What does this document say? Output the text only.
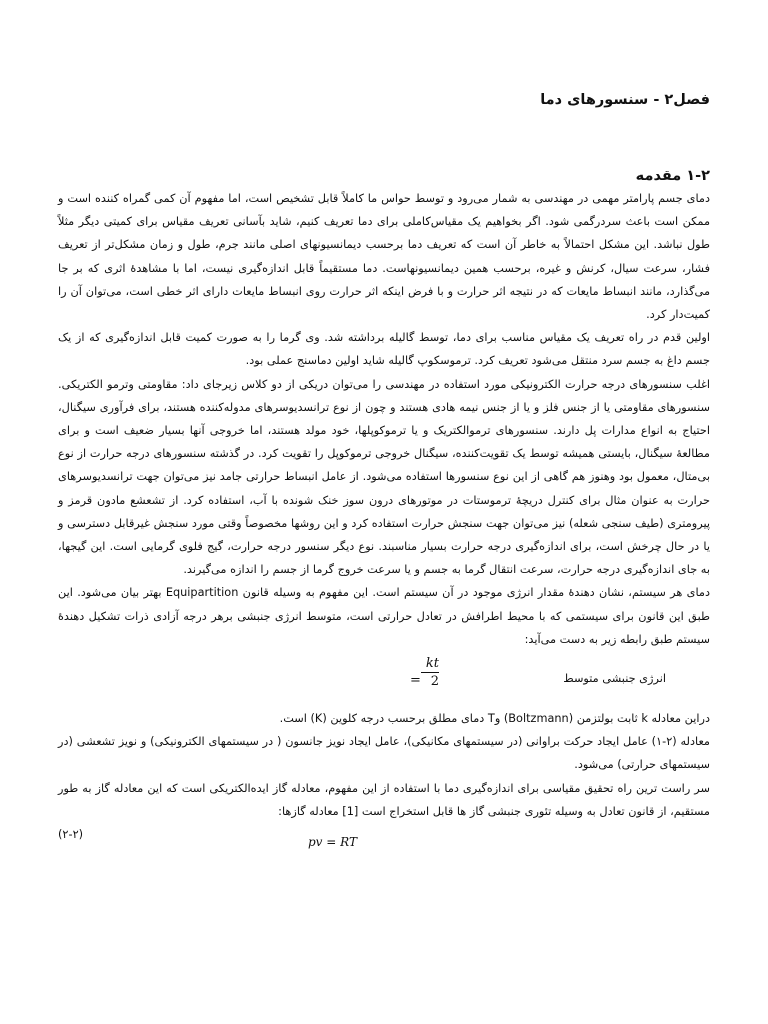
فصل۲ - سنسورهای دما
۱-۲ مقدمه

دمای جسم پارامتر مهمی در مهندسی به شمار می‌رود و توسط حواس ما کاملاً قابل تشخیص است، اما مفهوم آن کمی گمراه کننده است و ممکن است باعث سردرگمی شود. اگر بخواهیم یک مقیاس‌کاملی برای دما تعریف کنیم، شاید بآسانی تعریف مقیاس برای کمیتی دیگر مثلاً طول نباشد. این مشکل احتمالاً به خاطر آن است که تعریف دما برحسب دیمانسیونهای اصلی مانند جرم، طول و زمان مشکل‌تر از تعریف فشار، سرعت سیال، کرنش و غیره، برحسب همین دیمانسیونهاست. دما مستقیماً قابل اندازه‌گیری نیست، اما با مشاهدهٔ اثری که بر جا می‌گذارد، مانند انبساط مایعات که در نتیجه اثر حرارت و با فرض اینکه اثر حرارت روی انبساط مایعات دارای اثر خطی است، می‌توان آن را کمیت‌دار کرد.

اولین قدم در راه تعریف یک مقیاس مناسب برای دما، توسط گالیله برداشته شد. وی گرما را به صورت کمیت قابل اندازه‌گیری که از یک جسم داغ به جسم سرد منتقل می‌شود تعریف کرد. ترموسکوپ گالیله شاید اولین دماسنج عملی بود.

اغلب سنسورهای درجه حرارت الکترونیکی مورد استفاده در مهندسی را می‌توان دریکی از دو کلاس زیرجای داد: مقاومتی وترمو الکتریکی. سنسورهای مقاومتی یا از جنس فلز و یا از جنس نیمه هادی هستند و چون از نوع ترانسدیوسرهای مدوله‌کننده هستند، برای فرآوری سیگنال، احتیاج به انواع مدارات پل دارند. سنسورهای ترموالکتریک و یا ترموکوپلها، خود مولد هستند، اما خروجی آنها بسیار ضعیف است و برای مطالعهٔ سیگنال، بایستی همیشه توسط یک تقویت‌کننده، سیگنال خروجی ترموکوپل را تقویت کرد. در گذشته سنسورهای درجه حرارت از نوع بی‌متال، معمول بود وهنوز هم گاهی از این نوع سنسورها استفاده می‌شود. از عامل انبساط حرارتی جامد نیز می‌توان جهت ترانسدیوسرهای حرارت به عنوان مثال برای کنترل دریچهٔ ترموستات در موتورهای درون سوز خنک شونده با آب، استفاده کرد. از تشعشع مادون قرمز و پیرومتری (طیف سنجی شعله) نیز می‌توان جهت سنجش حرارت استفاده کرد و این روشها مخصوصاً وقتی مورد سنجش غیرقابل دسترسی و یا در حال چرخش است، برای اندازه‌گیری درجه حرارت بسیار مناسبند. نوع دیگر سنسور درجه حرارت، گیج فلوی گرمایی است. این گیجها، به جای اندازه‌گیری درجه حرارت، سرعت انتقال گرما به جسم و یا سرعت خروج گرما از جسم را اندازه می‌گیرند.

دمای هر سیستم، نشان دهندهٔ مقدار انرژی موجود در آن سیستم است. این مفهوم به وسیله قانون Equipartition بهتر بیان می‌شود. این طبق این قانون برای سیستمی که با محیط اطرافش در تعادل حرارتی است، متوسط انرژی جنبشی برهر درجه آزادی ذرات تشکیل دهندهٔ سیستم طبق رابطه زیر به دست می‌آید:

انرژی جنبشی متوسط
=
kt
2

دراین معادله k ثابت بولتزمن (Boltzmann) وT دمای مطلق برحسب درجه کلوین (K) است.

معادله (۲-۱) عامل ایجاد حرکت براوانی (در سیستمهای مکانیکی)، عامل ایجاد نویز جانسون ( در سیستمهای الکترونیکی) و نویز تشعشی (در سیستمهای حرارتی) می‌شود.

سر راست ترین راه تحقیق مقیاسی برای اندازه‌گیری دما با استفاده از این مفهوم، معادله گاز ایده‌الکتریکی است که این معادله گاز به طور مستقیم، از قانون تعادل به وسیله تئوری جنبشی گاز ها قابل استخراج است [1] معادله گازها:

(۲-۲)
pv = RT
